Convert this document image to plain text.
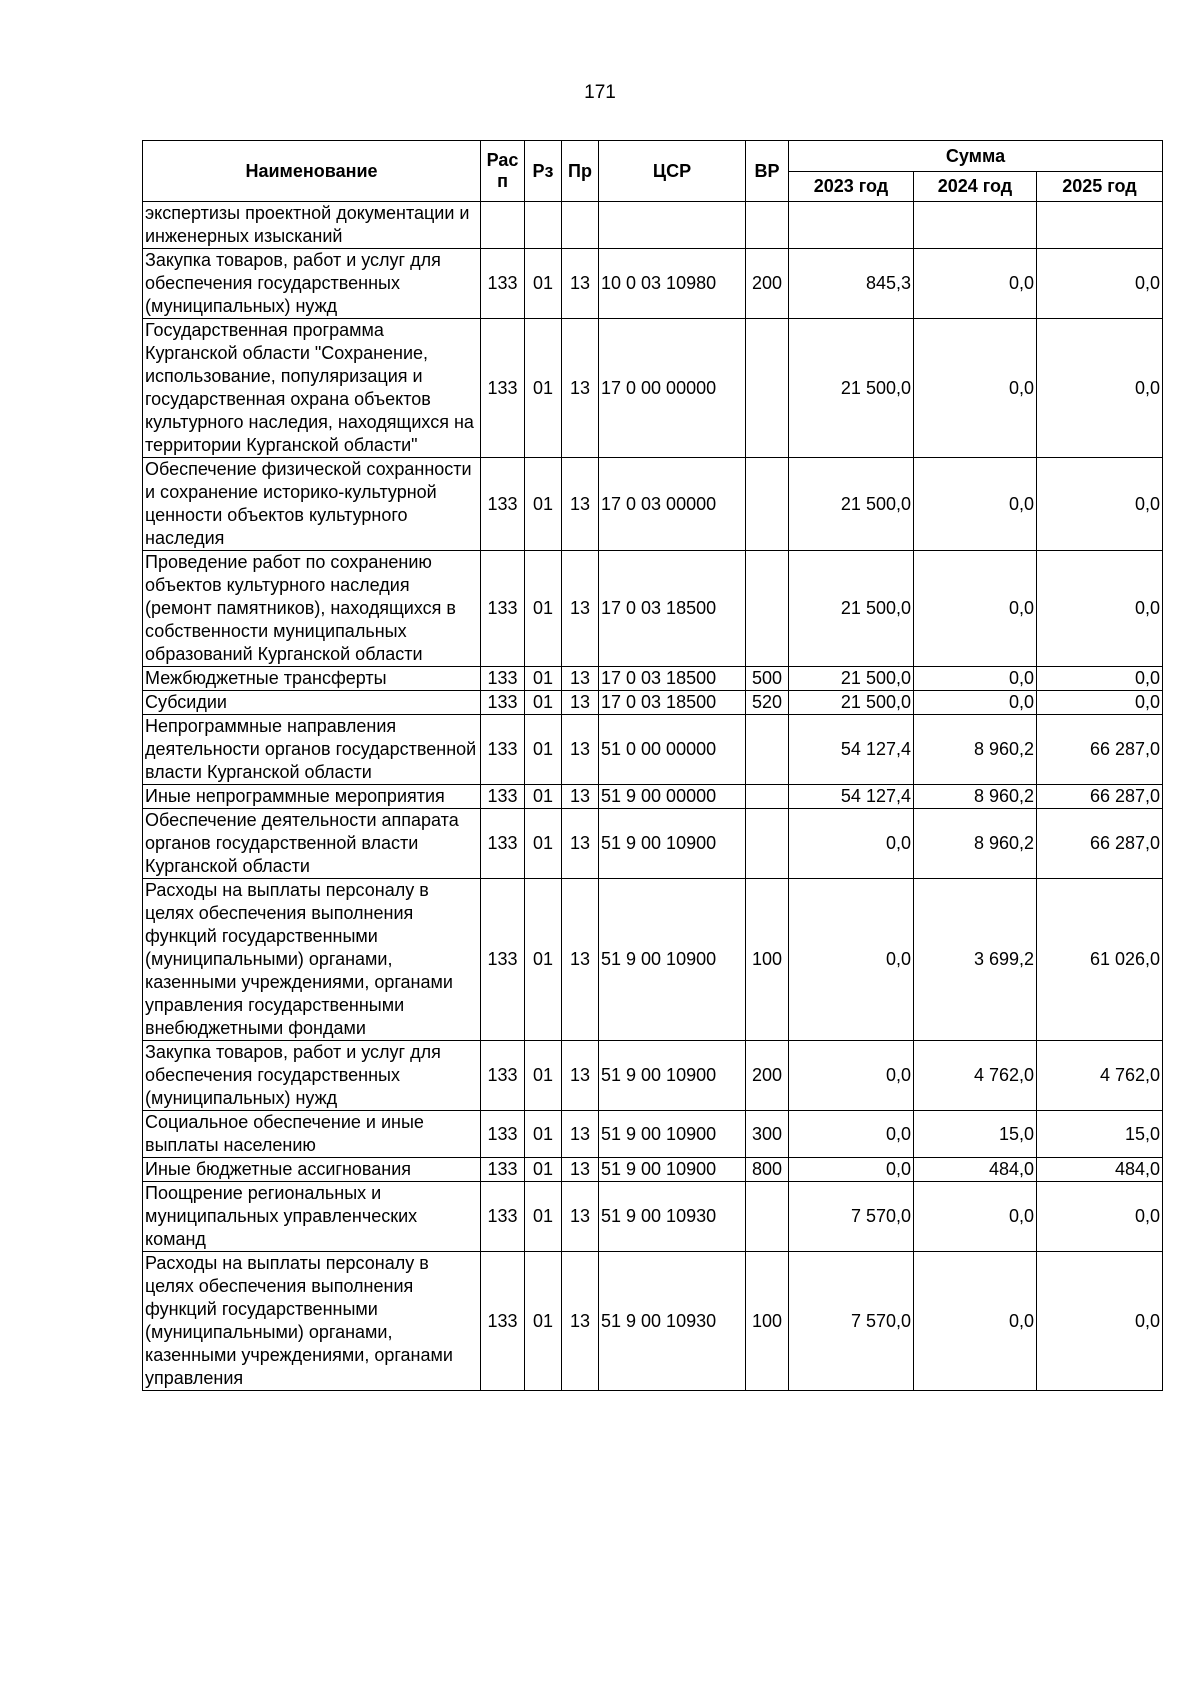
171
Наименование	Рас п	Рз	Пр	ЦСР	ВР	Сумма		
						2023 год	2024 год	2025 год
экспертизы проектной документации и инженерных изысканий								
Закупка товаров, работ и услуг для обеспечения государственных (муниципальных) нужд	133	01	13	10 0 03 10980	200	845,3	0,0	0,0
Государственная программа Курганской области "Сохранение, использование, популяризация и государственная охрана объектов культурного наследия, находящихся на территории Курганской области"	133	01	13	17 0 00 00000		21 500,0	0,0	0,0
Обеспечение физической сохранности и сохранение историко-культурной ценности объектов культурного наследия	133	01	13	17 0 03 00000		21 500,0	0,0	0,0
Проведение работ по сохранению объектов культурного наследия (ремонт памятников), находящихся в собственности муниципальных образований Курганской области	133	01	13	17 0 03 18500		21 500,0	0,0	0,0
Межбюджетные трансферты	133	01	13	17 0 03 18500	500	21 500,0	0,0	0,0
Субсидии	133	01	13	17 0 03 18500	520	21 500,0	0,0	0,0
Непрограммные направления деятельности органов государственной власти Курганской области	133	01	13	51 0 00 00000		54 127,4	8 960,2	66 287,0
Иные непрограммные мероприятия	133	01	13	51 9 00 00000		54 127,4	8 960,2	66 287,0
Обеспечение деятельности аппарата органов государственной власти Курганской области	133	01	13	51 9 00 10900		0,0	8 960,2	66 287,0
Расходы на выплаты персоналу в целях обеспечения выполнения функций государственными (муниципальными) органами, казенными учреждениями, органами управления государственными внебюджетными фондами	133	01	13	51 9 00 10900	100	0,0	3 699,2	61 026,0
Закупка товаров, работ и услуг для обеспечения государственных (муниципальных) нужд	133	01	13	51 9 00 10900	200	0,0	4 762,0	4 762,0
Социальное обеспечение и иные выплаты населению	133	01	13	51 9 00 10900	300	0,0	15,0	15,0
Иные бюджетные ассигнования	133	01	13	51 9 00 10900	800	0,0	484,0	484,0
Поощрение региональных и муниципальных управленческих команд	133	01	13	51 9 00 10930		7 570,0	0,0	0,0
Расходы на выплаты персоналу в целях обеспечения выполнения функций государственными (муниципальными) органами, казенными учреждениями, органами управления	133	01	13	51 9 00 10930	100	7 570,0	0,0	0,0
